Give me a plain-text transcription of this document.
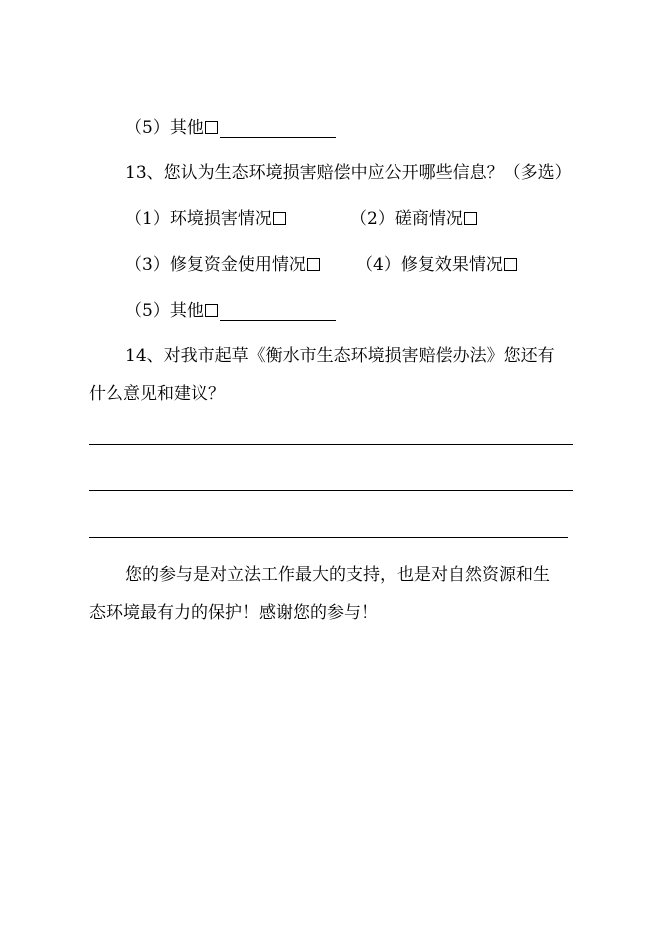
（5）其他
13、您认为生态环境损害赔偿中应公开哪些信息？（多选）
（1）环境损害情况	（2）磋商情况
（3）修复资金使用情况	（4）修复效果情况
（5）其他
14、对我市起草《衡水市生态环境损害赔偿办法》您还有
什么意见和建议？
您的参与是对立法工作最大的支持，也是对自然资源和生
态环境最有力的保护！感谢您的参与！
